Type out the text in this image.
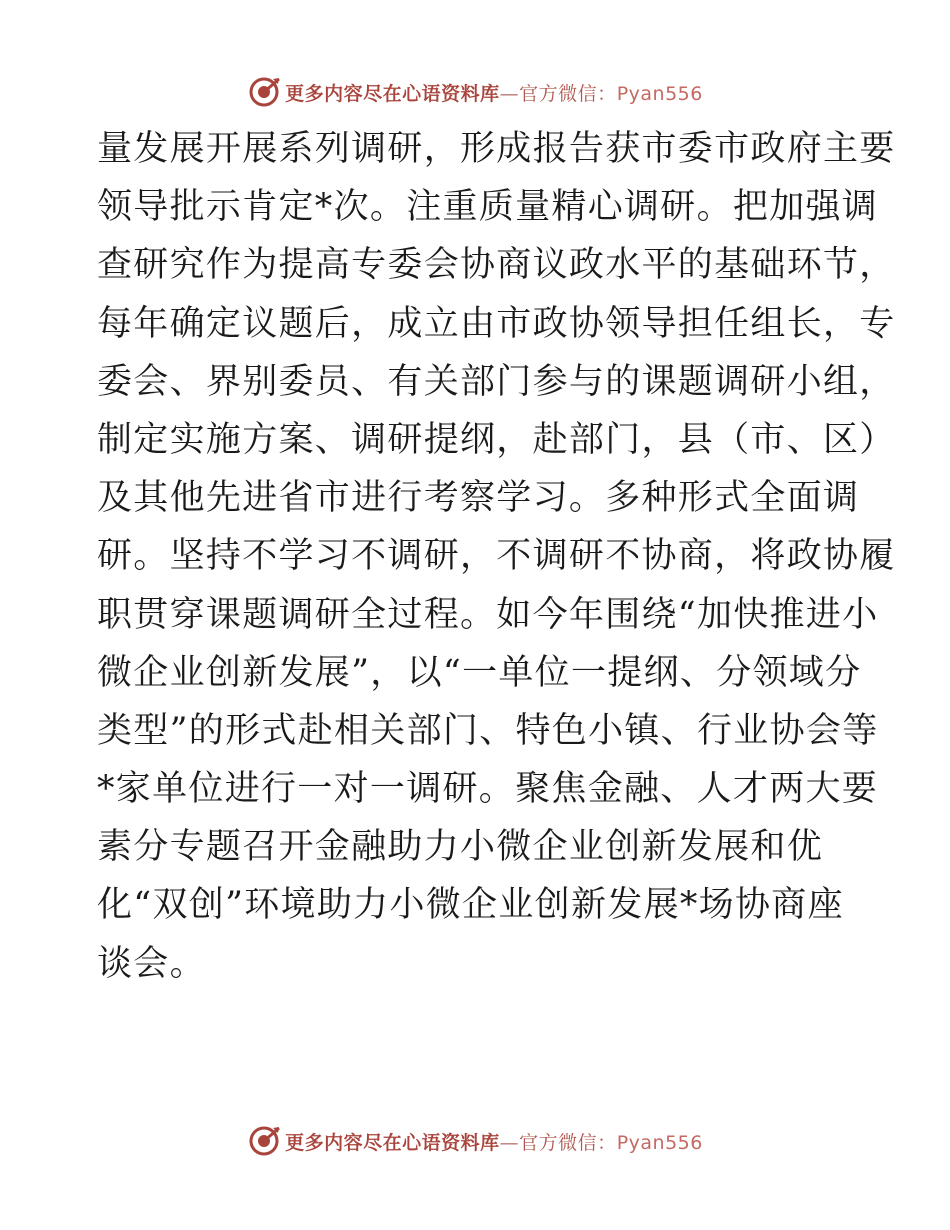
更多内容尽在心语资料库—官方微信：Pyan556
量发展开展系列调研，形成报告获市委市政府主要
领导批示肯定*次。注重质量精心调研。把加强调
查研究作为提高专委会协商议政水平的基础环节，
每年确定议题后，成立由市政协领导担任组长，专
委会、界别委员、有关部门参与的课题调研小组，
制定实施方案、调研提纲，赴部门，县（市、区）
及其他先进省市进行考察学习。多种形式全面调
研。坚持不学习不调研，不调研不协商，将政协履
职贯穿课题调研全过程。如今年围绕“加快推进小
微企业创新发展”，以“一单位一提纲、分领域分
类型”的形式赴相关部门、特色小镇、行业协会等
*家单位进行一对一调研。聚焦金融、人才两大要
素分专题召开金融助力小微企业创新发展和优
化“双创”环境助力小微企业创新发展*场协商座
谈会。
更多内容尽在心语资料库—官方微信：Pyan556
